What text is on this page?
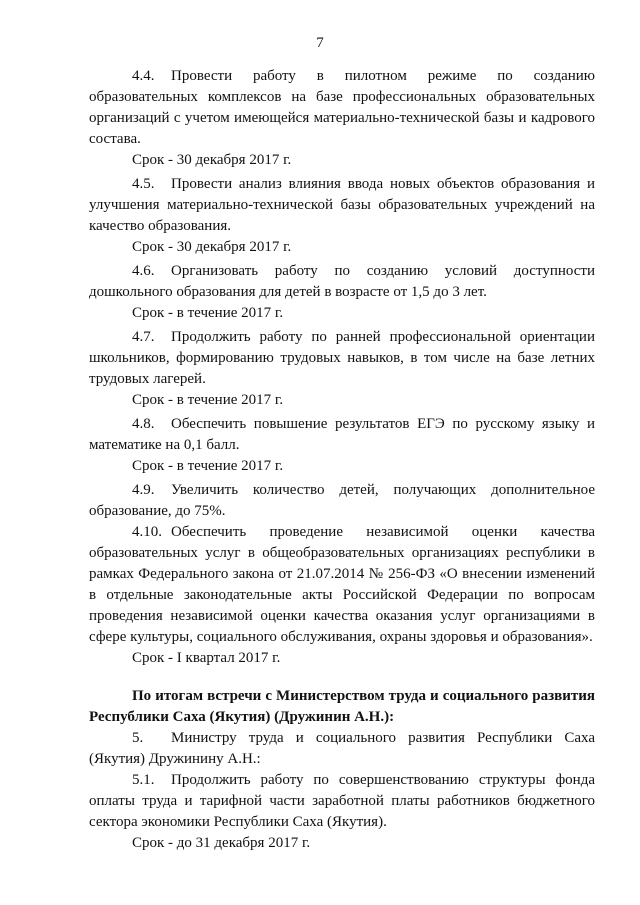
7

4.4. Провести работу в пилотном режиме по созданию образовательных комплексов на базе профессиональных образовательных организаций с учетом имеющейся материально-технической базы и кадрового состава.

Срок - 30 декабря 2017 г.

4.5. Провести анализ влияния ввода новых объектов образования и улучшения материально-технической базы образовательных учреждений на качество образования.

Срок - 30 декабря 2017 г.

4.6. Организовать работу по созданию условий доступности дошкольного образования для детей в возрасте от 1,5 до 3 лет.

Срок - в течение 2017 г.

4.7. Продолжить работу по ранней профессиональной ориентации школьников, формированию трудовых навыков, в том числе на базе летних трудовых лагерей.

Срок - в течение 2017 г.

4.8. Обеспечить повышение результатов ЕГЭ по русскому языку и математике на 0,1 балл.

Срок - в течение 2017 г.

4.9. Увеличить количество детей, получающих дополнительное образование, до 75%.

4.10. Обеспечить проведение независимой оценки качества образовательных услуг в общеобразовательных организациях республики в рамках Федерального закона от 21.07.2014 № 256-ФЗ «О внесении изменений в отдельные законодательные акты Российской Федерации по вопросам проведения независимой оценки качества оказания услуг организациями в сфере культуры, социального обслуживания, охраны здоровья и образования».

Срок - I квартал 2017 г.

По итогам встречи с Министерством труда и социального развития Республики Саха (Якутия) (Дружинин А.Н.):

5. Министру труда и социального развития Республики Саха (Якутия) Дружинину А.Н.:

5.1. Продолжить работу по совершенствованию структуры фонда оплаты труда и тарифной части заработной платы работников бюджетного сектора экономики Республики Саха (Якутия).

Срок - до 31 декабря 2017 г.
